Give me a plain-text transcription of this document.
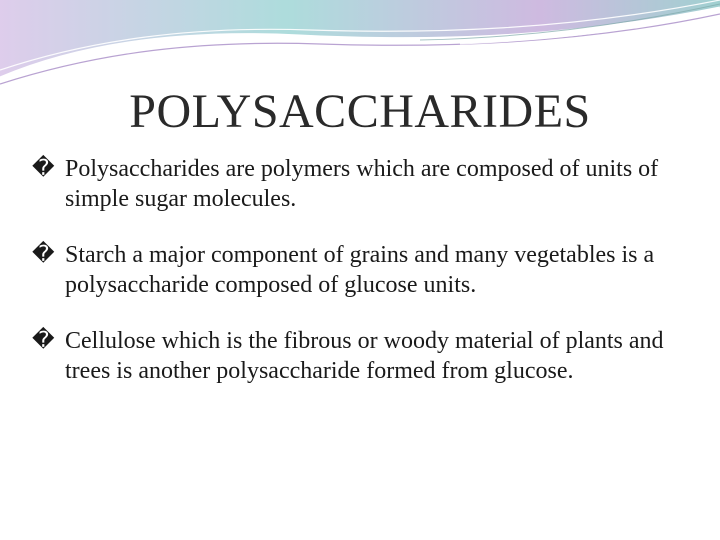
POLYSACCHARIDES
� Polysaccharides are polymers which are composed of units of simple sugar molecules.
� Starch a major component of grains and many vegetables is a polysaccharide composed of glucose units.
� Cellulose which is the fibrous or woody material of plants and trees is another polysaccharide formed from glucose.
